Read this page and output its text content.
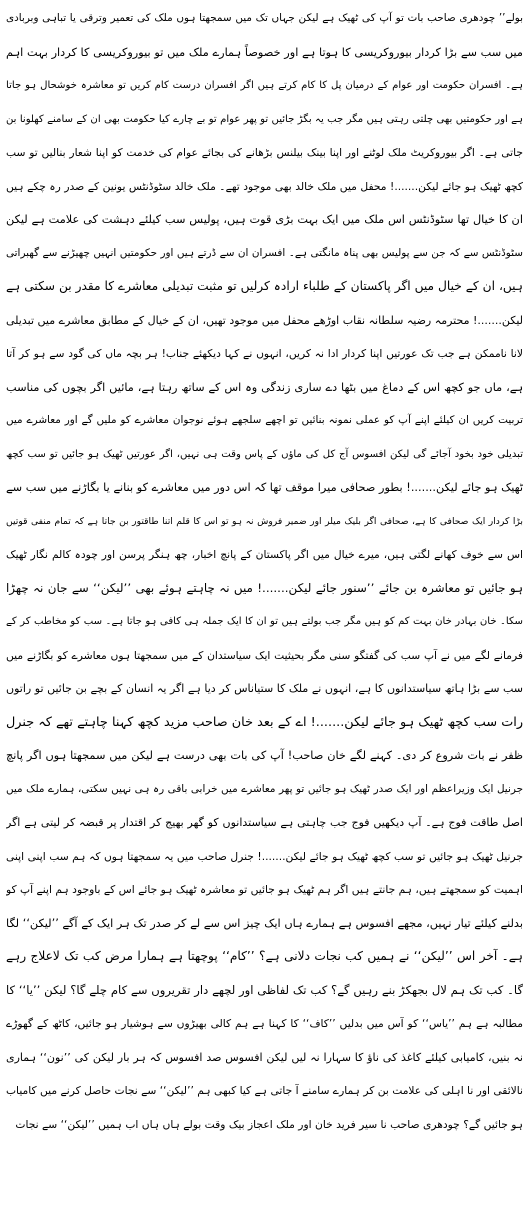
بولے’’ چودھری صاحب بات تو آپ کی ٹھیک ہے لیکن جہاں تک میں سمجھتا ہوں ملک کی تعمیر وترقی یا تباہی وبربادی
میں سب سے بڑا کردار بیوروکریسی کا ہوتا ہے اور خصوصاً ہمارے ملک میں تو بیوروکریسی کا کردار بہت اہم
ہے۔ افسران حکومت اور عوام کے درمیان پل کا کام کرتے ہیں اگر افسران درست کام کریں تو معاشرہ خوشحال ہو جاتا
ہے اور حکومتیں بھی چلتی رہتی ہیں مگر جب یہ بگڑ جائیں تو پھر عوام تو بے چارے کیا حکومت بھی ان کے سامنے کھلونا بن
جاتی ہے۔ اگر بیوروکریٹ ملک لوٹنے اور اپنا بینک بیلنس بڑھانے کی بجائے عوام کی خدمت کو اپنا شعار بنالیں تو سب
کچھ ٹھیک ہو جائے لیکن.......! محفل میں ملک خالد بھی موجود تھے۔ ملک خالد سٹوڈنٹس یونین کے صدر رہ چکے ہیں
ان کا خیال تھا سٹوڈنٹس اس ملک میں ایک بہت بڑی قوت ہیں، پولیس سب کیلئے دہشت کی علامت ہے لیکن
سٹوڈنٹس سے کہ جن سے پولیس بھی پناہ مانگتی ہے۔ افسران ان سے ڈرتے ہیں اور حکومتیں انہیں چھیڑنے سے گھبراتی
ہیں، ان کے خیال میں اگر پاکستان کے طلباء ارادہ کرلیں تو مثبت تبدیلی معاشرے کا مقدر بن سکتی ہے
لیکن.......! محترمہ رضیہ سلطانہ نقاب اوڑھے محفل میں موجود تھیں، ان کے خیال کے مطابق معاشرے میں تبدیلی
لانا ناممکن ہے جب تک عورتیں اپنا کردار ادا نہ کریں، انہوں نے کہا دیکھئے جناب! ہر بچہ ماں کی گود سے ہو کر آتا
ہے، ماں جو کچھ اس کے دماغ میں بٹھا دے ساری زندگی وہ اس کے ساتھ رہتا ہے، مائیں اگر بچوں کی مناسب
تربیت کریں ان کیلئے اپنے آپ کو عملی نمونہ بنائیں تو اچھے سلجھے ہوئے نوجوان معاشرے کو ملیں گے اور معاشرے میں
تبدیلی خود بخود آجائے گی لیکن افسوس آج کل کی ماؤں کے پاس وقت ہی نہیں، اگر عورتیں ٹھیک ہو جائیں تو سب کچھ
ٹھیک ہو جائے لیکن.......! بطور صحافی میرا موقف تھا کہ اس دور میں معاشرے کو بنانے یا بگاڑنے میں سب سے
بڑا کردار ایک صحافی کا ہے، صحافی اگر بلیک میلر اور ضمیر فروش نہ ہو تو اس کا قلم اتنا طاقتور بن جاتا ہے کہ تمام منفی قوتیں
اس سے خوف کھانے لگتی ہیں، میرے خیال میں اگر پاکستان کے پانچ اخبار، چھ ہنگر پرسن اور چودہ کالم نگار ٹھیک
ہو جائیں تو معاشرہ بن جائے ’’سنور جائے لیکن.......! میں نہ چاہتے ہوئے بھی ’’لیکن‘‘ سے جان نہ چھڑا
سکا۔ خان بہادر خان بہت کم کو ہیں مگر جب بولتے ہیں تو ان کا ایک جملہ ہی کافی ہو جاتا ہے۔ سب کو مخاطب کر کے
فرمانے لگے میں نے آپ سب کی گفتگو سنی مگر بحیثیت ایک سیاستدان کے میں سمجھتا ہوں معاشرے کو بگاڑنے میں
سب سے بڑا ہاتھ سیاستدانوں کا ہے، انہوں نے ملک کا ستیاناس کر دیا ہے اگر یہ انسان کے بچے بن جائیں تو راتوں
رات سب کچھ ٹھیک ہو جائے لیکن.......! اے کے بعد خان صاحب مزید کچھ کہنا چاہتے تھے کہ جنرل
ظفر نے بات شروع کر دی۔ کہنے لگے خان صاحب! آپ کی بات بھی درست ہے لیکن میں سمجھتا ہوں اگر پانچ
جرنیل ایک وزیراعظم اور ایک صدر ٹھیک ہو جائیں تو پھر معاشرے میں خرابی باقی رہ ہی نہیں سکتی، ہمارے ملک میں
اصل طاقت فوج ہے۔ آپ دیکھیں فوج جب چاہتی ہے سیاستدانوں کو گھر بھیج کر اقتدار پر قبضہ کر لیتی ہے اگر
جرنیل ٹھیک ہو جائیں تو سب کچھ ٹھیک ہو جائے لیکن.......! جنرل صاحب میں یہ سمجھتا ہوں کہ ہم سب اپنی اپنی
اہمیت کو سمجھتے ہیں، ہم جانتے ہیں اگر ہم ٹھیک ہو جائیں تو معاشرہ ٹھیک ہو جائے اس کے باوجود ہم اپنے آپ کو
بدلنے کیلئے تیار نہیں، مجھے افسوس ہے ہمارے ہاں ایک چیز اس سے لے کر صدر تک ہر ایک کے آگے ’’لیکن‘‘ لگا
ہے۔ آخر اس ’’لیکن‘‘ نے ہمیں کب نجات دلانی ہے؟ ’’کام‘‘ پوچھتا ہے ہمارا مرض کب تک لاعلاج رہے
گا۔ کب تک ہم لال بجھکڑ بنے رہیں گے؟ کب تک لفاظی اور لچھے دار تقریروں سے کام چلے گا؟ لیکن ’’یا‘‘ کا
مطالبہ ہے ہم ’’یاس‘‘ کو آس میں بدلیں ’’کاف‘‘ کا کہنا ہے ہم کالی بھیڑوں سے ہوشیار ہو جائیں، کاٹھ کے گھوڑے
نہ بنیں، کامیابی کیلئے کاغذ کی ناؤ کا سہارا نہ لیں لیکن افسوس صد افسوس کہ ہر بار لیکن کی ’’نون‘‘ ہماری
نالائقی اور نا اہلی کی علامت بن کر ہمارے سامنے آ جاتی ہے کیا کبھی ہم ’’لیکن‘‘ سے نجات حاصل کرنے میں کامیاب
ہو جائیں گے؟ چودھری صاحب نا سیر فرید خان اور ملک اعجاز بیک وقت بولے ہاں ہاں اب ہمیں ’’لیکن‘‘ سے نجات
